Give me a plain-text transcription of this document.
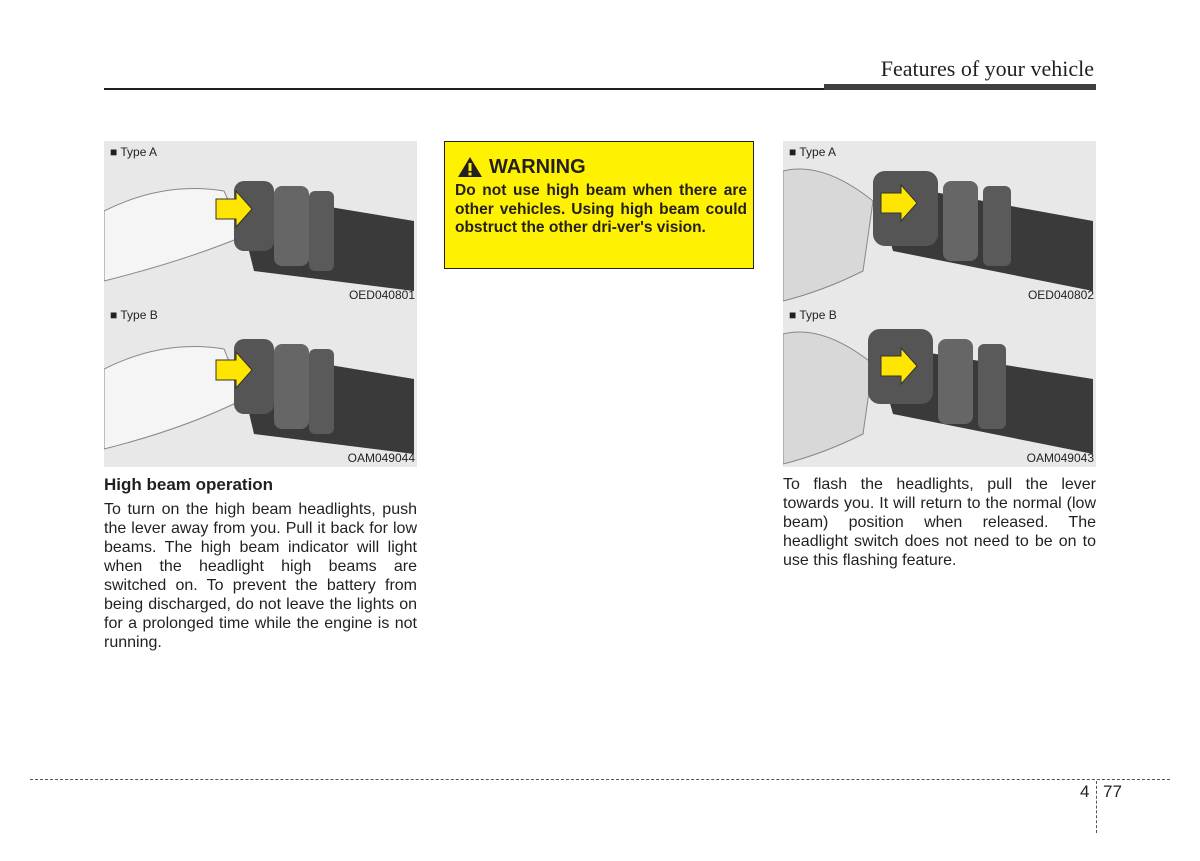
Features of your vehicle
■ Type A
OED040801
■ Type B
OAM049044
High beam operation
To turn on the high beam headlights, push the lever away from you. Pull it back for low beams. The high beam indicator will light when the headlight high beams are switched on. To prevent the battery from being discharged, do not leave the lights on for a prolonged time while the engine is not running.
WARNING
Do not use high beam when there are other vehicles. Using high beam could obstruct the other dri-ver's vision.
■ Type A
OED040802
■ Type B
OAM049043
To flash the headlights, pull the lever towards you. It will return to the normal (low beam) position when released. The headlight switch does not need to be on to use this flashing feature.
4 77
